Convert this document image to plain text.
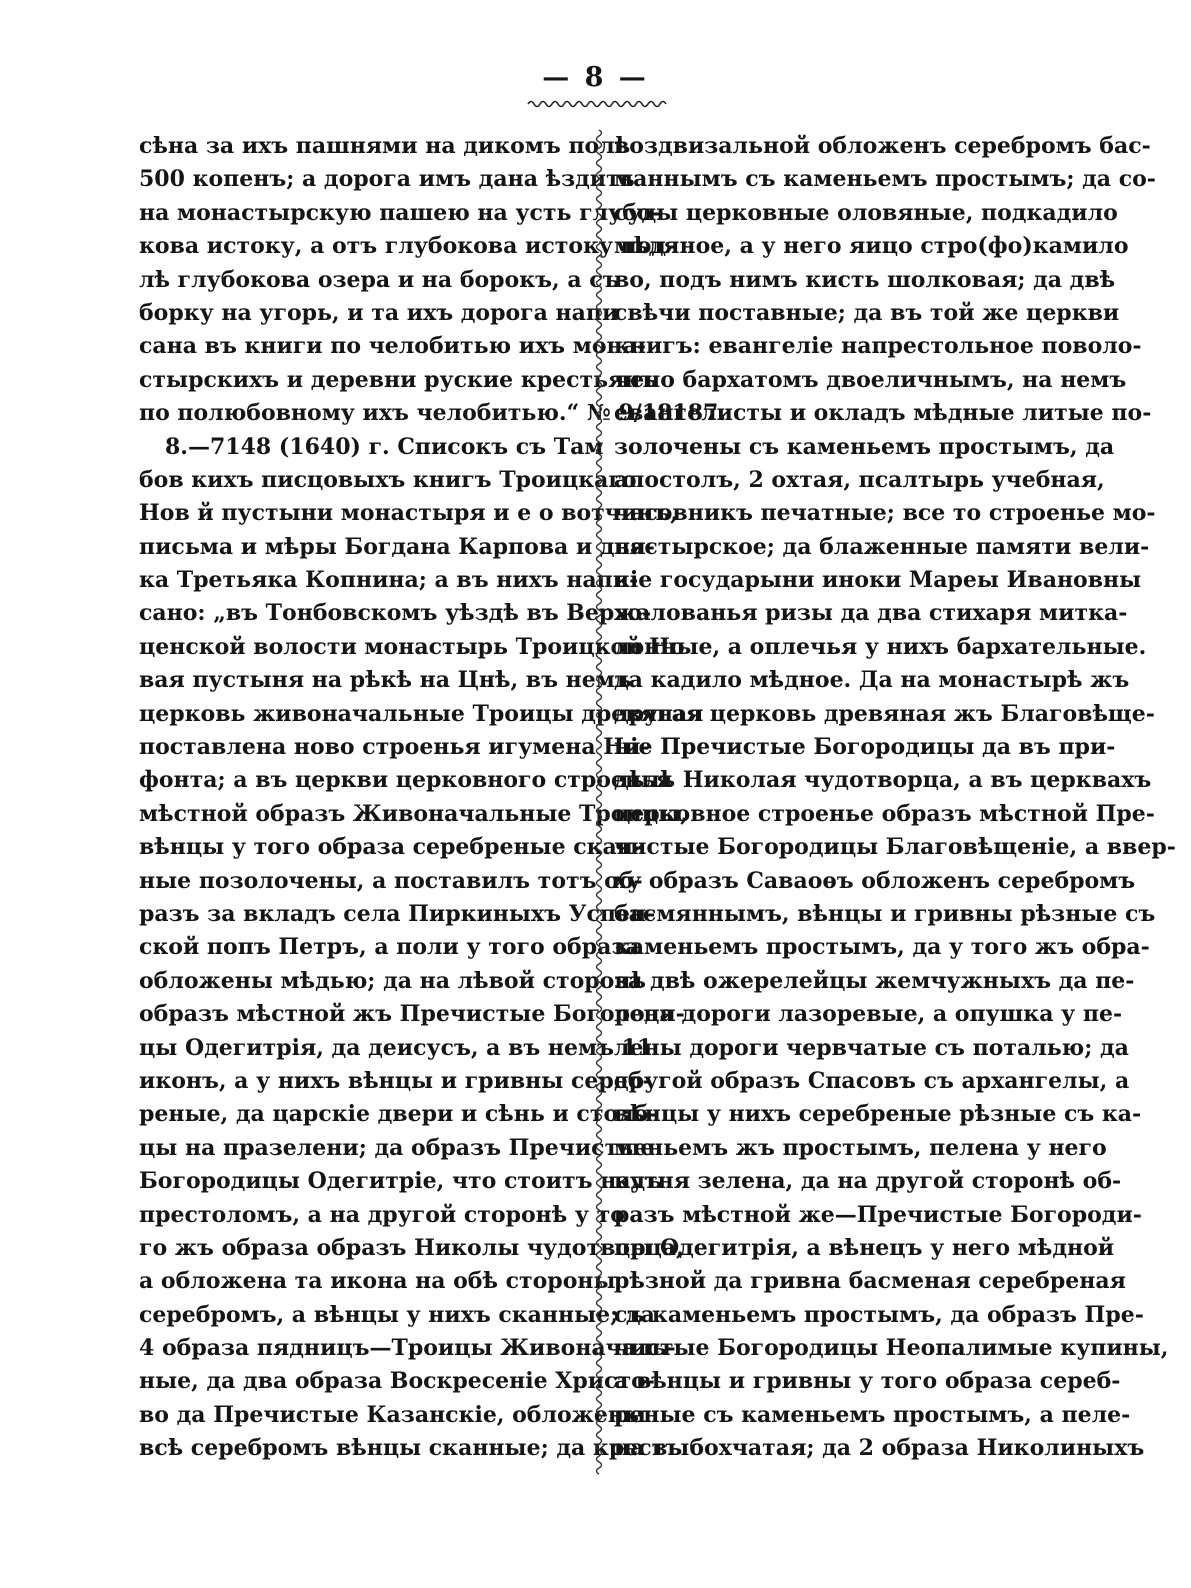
— 8 —
сѣна за ихъ пашнями на дикомъ полѣ
500 копенъ; а дорога имъ дана ѣздить
на монастырскую пашею на усть глубо-
кова истоку, а отъ глубокова истоку под-
лѣ глубокова озера и на борокъ, а съ
борку на угорь, и та ихъ дорога напи
сана въ книги по челобитью ихъ мона-
стырскихъ и деревни руские крестьянъ
по полюбовному ихъ челобитью.“ № 9/18187.
8.—7148 (1640) г. Списокъ съ Там
бов кихъ писцовыхъ книгъ Троицкаго
Нов й пустыни монастыря и е о вотчинъ,
письма и мѣры Богдана Карпова и дья-
ка Третьяка Копнина; а въ нихъ напи-
сано: „въ Тонбовскомъ уѣздѣ въ Верхо-
ценской волости монастырь Троицкой Но
вая пустыня на рѣкѣ на Цнѣ, въ немъ
церковь живоначальные Троицы древяная
поставлена ново строенья игумена Ни-
фонта; а въ церкви церковного строенья
мѣстной образъ Живоначальные Троицы,
вѣнцы у того образа серебреные скан-
ные позолочены, а поставилъ тотъ об-
разъ за вкладъ села Пиркиныхъ Успен-
ской попъ Петръ, а поли у того образа
обложены мѣдью; да на лѣвой сторонѣ
образъ мѣстной жъ Пречистые Богороди-
цы Одегитрія, да деисусъ, а въ немъ 11
иконъ, а у нихъ вѣнцы и гривны сереб-
реные, да царскіе двери и сѣнь и столб-
цы на празелени; да образъ Пречистые
Богородицы Одегитріе, что стоитъ надъ
престоломъ, а на другой сторонѣ у то
го жъ образа образъ Николы чудотворца,
а обложена та икона на обѣ стороны
серебромъ, а вѣнцы у нихъ сканные; да
4 образа пядницъ—Троицы Живоначаль-
ные, да два образа Воскресеніе Христо-
во да Пречистые Казанскіе, обложены
всѣ серебромъ вѣнцы сканные; да крестъ
воздвизальной обложенъ серебромъ бас-
маннымъ съ каменьемъ простымъ; да со-
суды церковные оловяные, подкадило
мѣдяное, а у него яицо стро(фо)камило
во, подъ нимъ кисть шолковая; да двѣ
свѣчи поставные; да въ той же церкви
книгъ: евангеліе напрестольное поволо-
чено бархатомъ двоеличнымъ, на немъ
евангелисты и окладъ мѣдные литые по-
золочены съ каменьемъ простымъ, да
апостолъ, 2 охтая, псалтырь учебная,
часовникъ печатные; все то строенье мо-
настырское; да блаженные памяти вели-
кіе государыни иноки Мареы Ивановны
жалованья ризы да два стихаря митка-
лонные, а оплечья у нихъ бархательные.
да кадило мѣдное. Да на монастырѣ жъ
другая церковь древяная жъ Благовѣще-
ніе Пречистые Богородицы да въ при-
дѣлѣ Николая чудотворца, а въ церквахъ
церковное строенье образъ мѣстной Пре-
чистые Богородицы Благовѣщеніе, а ввер-
ху образъ Саваоѳъ обложенъ серебромъ
басмяннымъ, вѣнцы и гривны рѣзные съ
каменьемъ простымъ, да у того жъ обра-
за двѣ ожерелейцы жемчужныхъ да пе-
лена дороги лазоревые, а опушка у пе-
лены дороги червчатые съ поталью; да
другой образъ Спасовъ съ архангелы, а
вѣнцы у нихъ серебреные рѣзные съ ка-
меньемъ жъ простымъ, пелена у него
кутня зелена, да на другой сторонѣ об-
разъ мѣстной же—Пречистые Богороди-
цы Одегитрія, а вѣнецъ у него мѣдной
рѣзной да гривна басменая серебреная
съ каменьемъ простымъ, да образъ Пре-
чистые Богородицы Неопалимые купины,
а вѣнцы и гривны у того образа сереб-
реные съ каменьемъ простымъ, а пеле-
на выбохчатая; да 2 образа Николиныхъ
